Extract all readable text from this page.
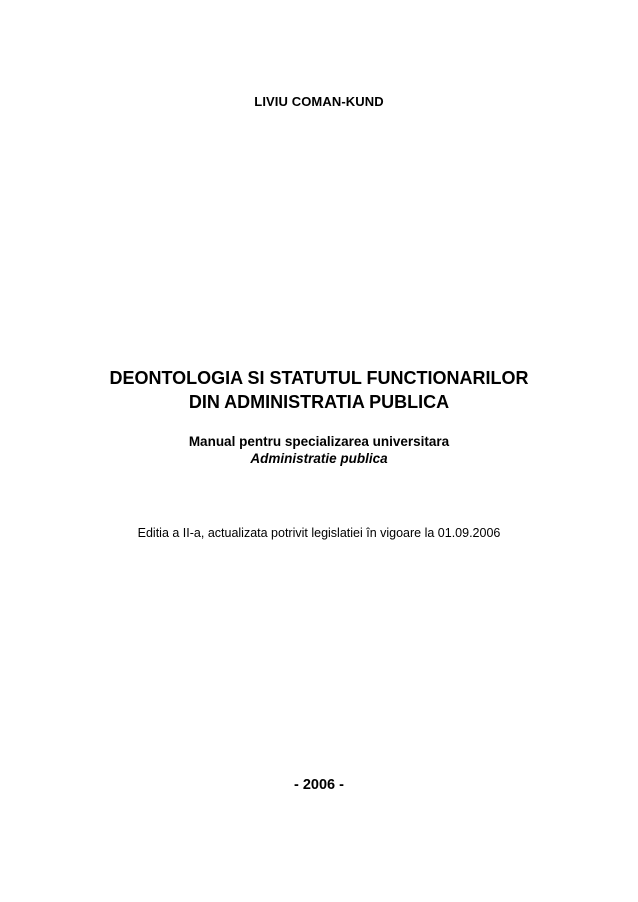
LIVIU COMAN-KUND

DEONTOLOGIA SI STATUTUL FUNCTIONARILOR
DIN ADMINISTRATIA PUBLICA
Manual pentru specializarea universitara
Administratie publica

Editia a II-a, actualizata potrivit legislatiei în vigoare la 01.09.2006

- 2006 -
